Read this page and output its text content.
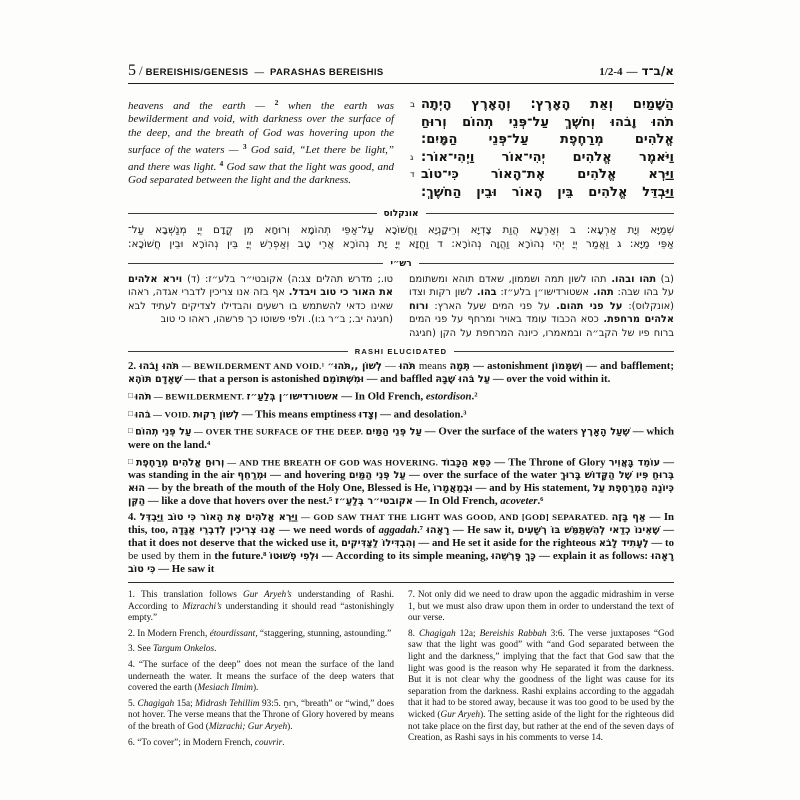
5 / BEREISHIS/GENESIS — PARASHAS BEREISHIS	1/2-4 — א/ב־ד
heavens and the earth — $^2$ when the earth was bewilderment and void, with darkness over the surface of the deep, and the breath of God was hovering upon the surface of the waters — $^3$ God said, “Let there be light,” and there was light. $^4$ God saw that the light was good, and God separated between the light and the darkness.
ב הַשָּׁמַיִם וְאֵת הָאָרֶץ: וְהָאָרֶץ הָיְתָה
תֹהוּ וָבֹהוּ וְחֹשֶׁךְ עַל־פְּנֵי תְהוֹם וְרוּחַ
אֱלֹהִים מְרַחֶפֶת עַל־פְּנֵי הַמָּיִם:
ג וַיֹּאמֶר אֱלֹהִים יְהִי־אוֹר וַיְהִי־אוֹר:
ד וַיַּרְא אֱלֹהִים אֶת־הָאוֹר כִּי־טוֹב
וַיַּבְדֵּל אֱלֹהִים בֵּין הָאוֹר וּבֵין הַחֹשֶׁךְ:
אונקלוס
שְׁמַיָּא וְיָת אַרְעָא: ב וְאַרְעָא הֲוַת צָדְיָא וְרֵיקָנְיָא וַחֲשׁוֹכָא עַל־אַפֵּי תְהוֹמָא וְרוּחָא מִן קֳדָם יְיָ מְנַשְּׁבָא עַל־
אַפֵּי מַיָּא: ג וַאֲמַר יְיָ יְהִי נְהוֹרָא וַהֲוָה נְהוֹרָא: ד וַחֲזָא יְיָ יָת נְהוֹרָא אֲרֵי טָב וְאַפְרֵשׁ יְיָ בֵּין נְהוֹרָא וּבֵין חֲשׁוֹכָא:
רש״י
(ב) תהו ובהו. תהו לשון תמה ושממון, שאדם תוהא ומשתומם על בהו שבה: תהו. אשטורדישו״ן בלע״ז: בהו. לשון רקות וצדו (אונקלוס): על פני תהום. על פני המים שעל הארץ: ורוח אלהים מרחפת. כסא הכבוד עומד באויר ומרחף על פני המים ברוח פיו של הקב״ה ובמאמרו, כיונה המרחפת על הקן (חגיגה טו.; מדרש תהלים צג:ה) אקובטי״ר בלע״ז: (ד) וירא אלהים את האור כי טוב ויבדל. אף בזה אנו צריכין לדברי אגדה, ראהו שאינו כדאי להשתמש בו רשעים והבדילו לצדיקים לעתיד לבא (חגיגה יב.; ב״ר ג:ו). ולפי פשוטו כך פרשהו, ראהו כי טוב
RASHI ELUCIDATED

2. תֹּהוּ וָבֹהוּ — BEWILDERMENT AND VOID.¹ לְשׁוֹן ,,תֹּהוּ״ — תֹּהוּ means תְּמָה — astonishment וְשִׁמָּמוֹן — and bafflement; שֶׁאָדָם תּוֹהֶא — that a person is astonished וּמִשְׁתּוֹמֵם — and baffled עַל בֹּהוּ שֶׁבָּהּ — over the void within it.

□ תֹּהוּ — BEWILDERMENT. אשטורדישו״ן בְּלַעַ״ז — In Old French, estordison.²

□ בֹּהוּ — VOID. לְשׁוֹן רֵקוּת — This means emptiness וְצָדוּ — and desolation.³

□ עַל פְּנֵי תְהוֹם — OVER THE SURFACE OF THE DEEP. עַל פְּנֵי הַמַּיִם — Over the surface of the waters שֶׁעַל הָאָרֶץ — which were on the land.⁴

□ וְרוּחַ אֱלֹהִים מְרַחֶפֶת — AND THE BREATH OF GOD WAS HOVERING. כִּסֵּא הַכָּבוֹד — The Throne of Glory עוֹמֵד בָּאֲוִיר — was standing in the air וּמְרַחֵף — and hovering עַל פְּנֵי הַמַּיִם — over the surface of the water בְּרוּחַ פִּיו שֶׁל הַקָּדוֹשׁ בָּרוּךְ הוּא — by the breath of the mouth of the Holy One, Blessed is He, וּבְמַאֲמָרוֹ — and by His statement, כְּיוֹנָה הַמְרַחֶפֶת עַל הַקֵּן — like a dove that hovers over the nest.⁵ אקובטי״ר בְּלַעַ״ז — In Old French, acoveter.⁶

4. וַיַּרְא אֱלֹהִים אֶת הָאוֹר כִּי טוֹב וַיַּבְדֵּל — GOD SAW THAT THE LIGHT WAS GOOD, AND [GOD] SEPARATED. אַף בָּזֶה — In this, too, אָנוּ צְרִיכִין לְדִבְרֵי אַגָּדָה — we need words of aggadah.⁷ רָאָהוּ — He saw it, שֶׁאֵינוֹ כְדַאי לְהִשְׁתַּמֵּשׁ בּוֹ רְשָׁעִים — that it does not deserve that the wicked use it, וְהִבְדִּילוֹ לַצַּדִּיקִים — and He set it aside for the righteous לֶעָתִיד לָבֹא — to be used by them in the future.⁸ וּלְפִי פְשׁוּטוֹ — According to its simple meaning, כָּךְ פָּרְשֵׁהוּ — explain it as follows: רָאָהוּ כִּי טוֹב — He saw it

1. This translation follows Gur Aryeh’s understanding of Rashi. According to Mizrachi’s understanding it should read “astonishingly empty.”

2. In Modern French, étourdissant, “staggering, stunning, astounding.”

3. See Targum Onkelos.

4. “The surface of the deep” does not mean the surface of the land underneath the water. It means the surface of the deep waters that covered the earth (Mesiach Ilmim).

5. Chagigah 15a; Midrash Tehillim 93:5. רוּחַ, “breath” or “wind,” does not hover. The verse means that the Throne of Glory hovered by means of the breath of God (Mizrachi; Gur Aryeh).

6. “To cover”; in Modern French, couvrir.

7. Not only did we need to draw upon the aggadic midrashim in verse 1, but we must also draw upon them in order to understand the text of our verse.

8. Chagigah 12a; Bereishis Rabbah 3:6. The verse juxtaposes “God saw that the light was good” with “and God separated between the light and the darkness,” implying that the fact that God saw that the light was good is the reason why He separated it from the darkness. But it is not clear why the goodness of the light was cause for its separation from the darkness. Rashi explains according to the aggadah that it had to be stored away, because it was too good to be used by the wicked (Gur Aryeh). The setting aside of the light for the righteous did not take place on the first day, but rather at the end of the seven days of Creation, as Rashi says in his comments to verse 14.
